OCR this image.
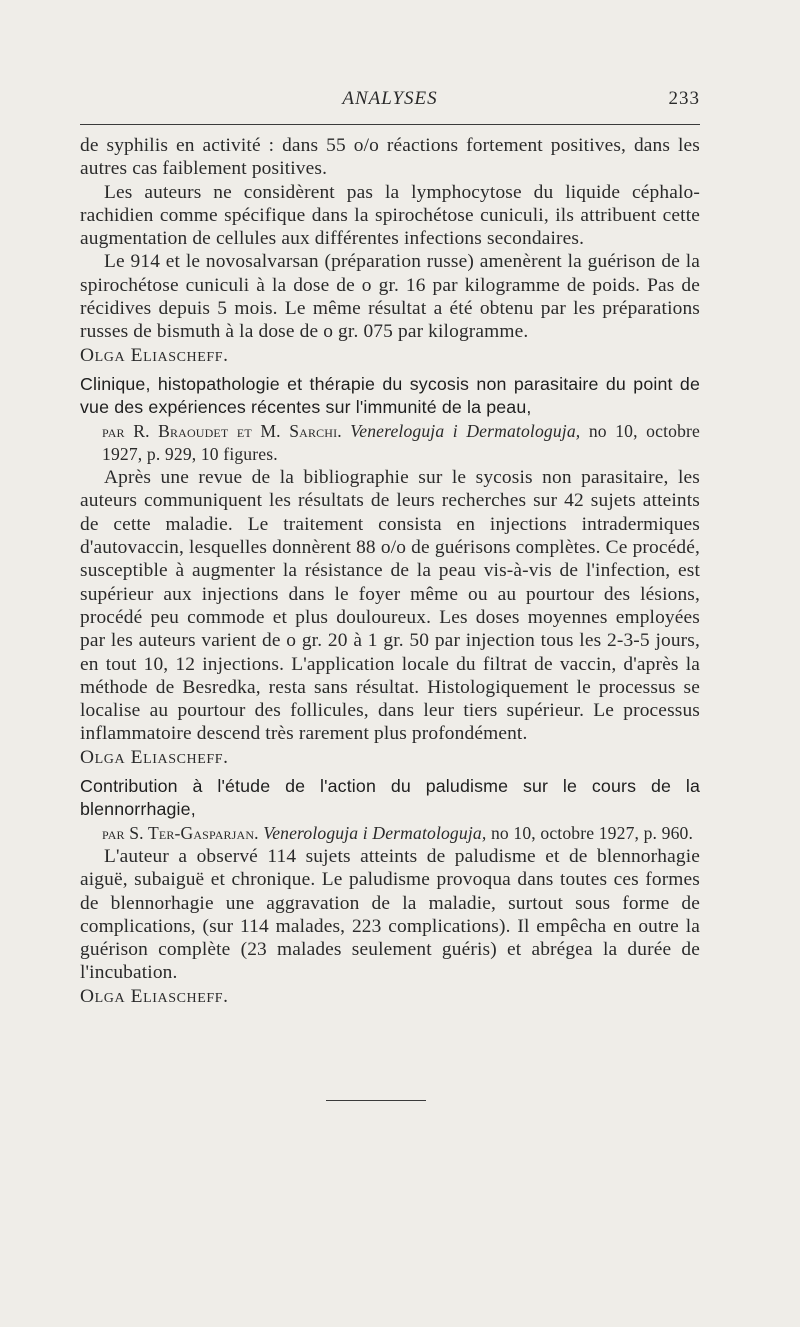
ANALYSES	233

de syphilis en activité : dans 55 o/o réactions fortement positives, dans les autres cas faiblement positives.

Les auteurs ne considèrent pas la lymphocytose du liquide céphalo-rachidien comme spécifique dans la spirochétose cuniculi, ils attribuent cette augmentation de cellules aux différentes infections secondaires.

Le 914 et le novosalvarsan (préparation russe) amenèrent la guérison de la spirochétose cuniculi à la dose de o gr. 16 par kilogramme de poids. Pas de récidives depuis 5 mois. Le même résultat a été obtenu par les préparations russes de bismuth à la dose de o gr. 075 par kilogramme.

Olga Eliascheff.

Clinique, histopathologie et thérapie du sycosis non parasitaire du point de vue des expériences récentes sur l'immunité de la peau,

par R. Braoudet et M. Sarchi. Venereloguja i Dermatologuja, no 10, octobre 1927, p. 929, 10 figures.

Après une revue de la bibliographie sur le sycosis non parasitaire, les auteurs communiquent les résultats de leurs recherches sur 42 sujets atteints de cette maladie. Le traitement consista en injections intradermiques d'autovaccin, lesquelles donnèrent 88 o/o de guérisons complètes. Ce procédé, susceptible à augmenter la résistance de la peau vis-à-vis de l'infection, est supérieur aux injections dans le foyer même ou au pourtour des lésions, procédé peu commode et plus douloureux. Les doses moyennes employées par les auteurs varient de o gr. 20 à 1 gr. 50 par injection tous les 2-3-5 jours, en tout 10, 12 injections. L'application locale du filtrat de vaccin, d'après la méthode de Besredka, resta sans résultat. Histologiquement le processus se localise au pourtour des follicules, dans leur tiers supérieur. Le processus inflammatoire descend très rarement plus profondément.

Olga Eliascheff.

Contribution à l'étude de l'action du paludisme sur le cours de la blennorrhagie,

par S. Ter-Gasparjan. Venerologuja i Dermatologuja, no 10, octobre 1927, p. 960.

L'auteur a observé 114 sujets atteints de paludisme et de blennorhagie aiguë, subaiguë et chronique. Le paludisme provoqua dans toutes ces formes de blennorhagie une aggravation de la maladie, surtout sous forme de complications, (sur 114 malades, 223 complications). Il empêcha en outre la guérison complète (23 malades seulement guéris) et abrégea la durée de l'incubation.

Olga Eliascheff.
